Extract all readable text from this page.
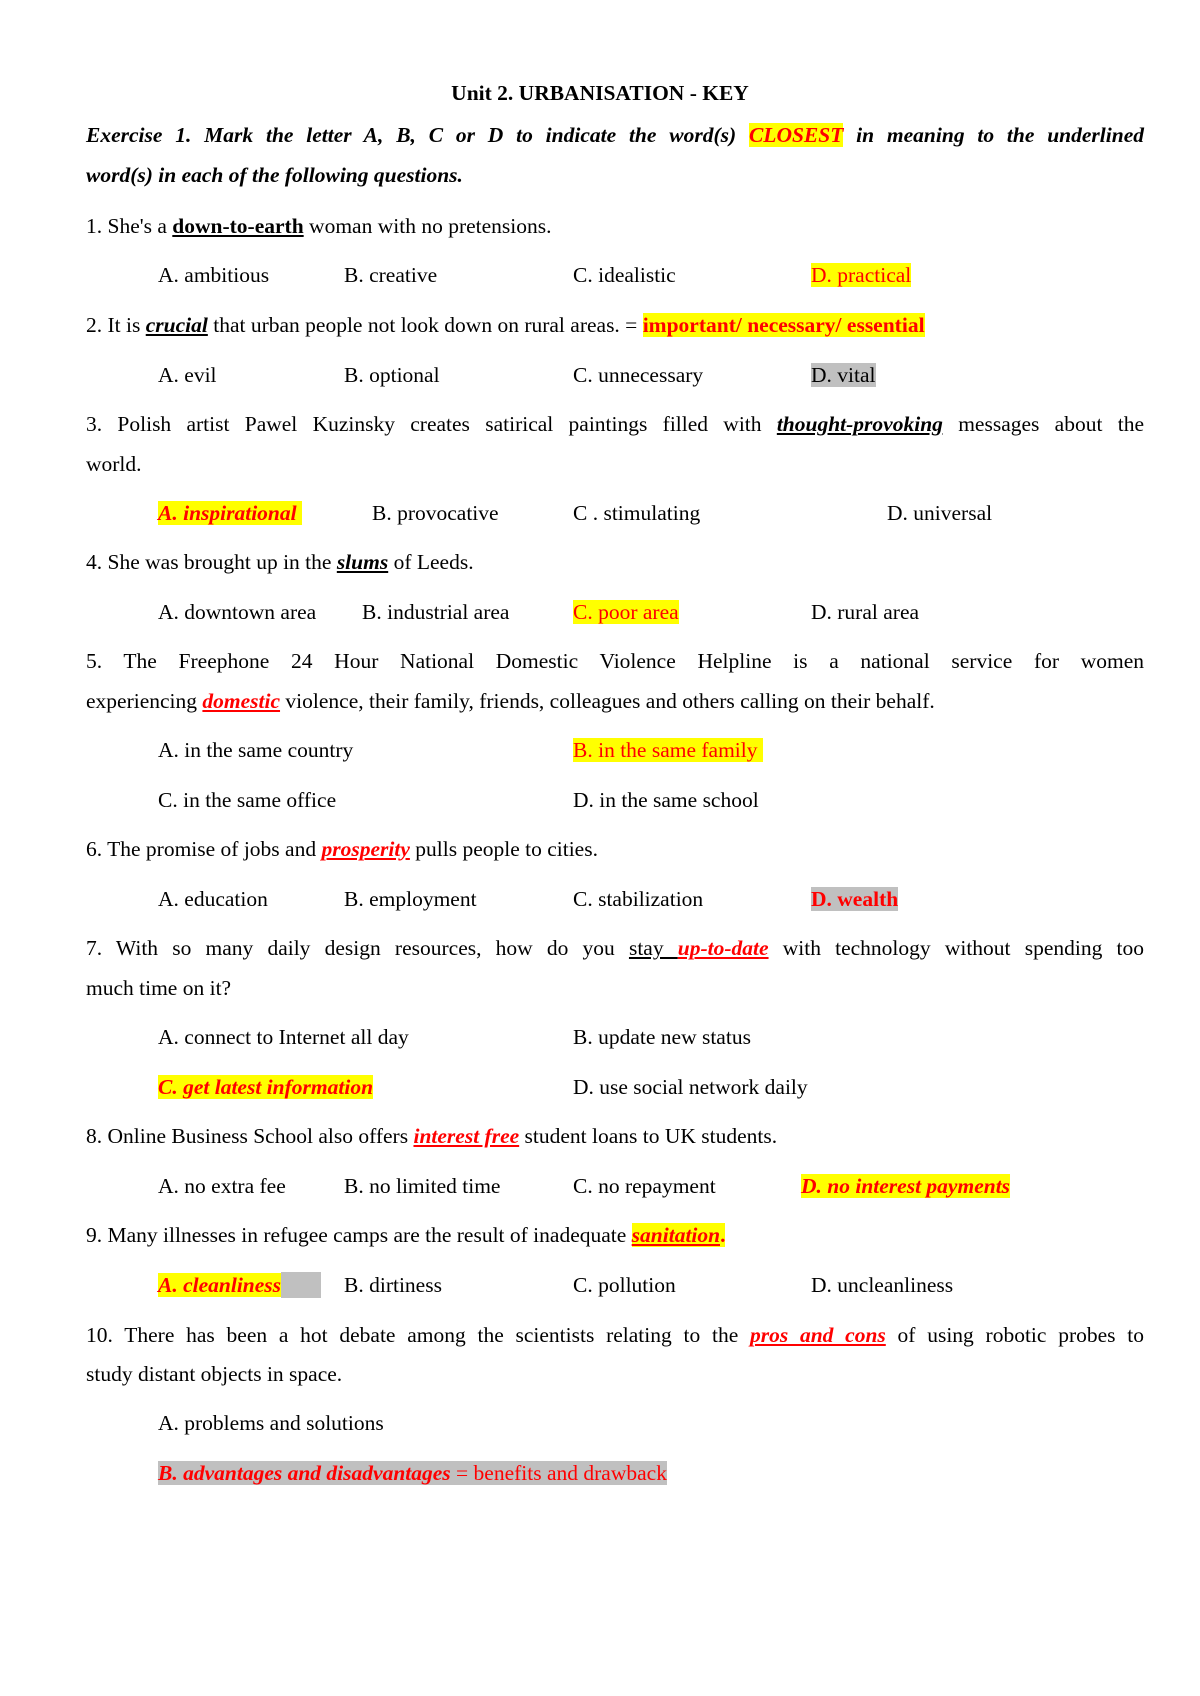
Unit 2. URBANISATION - KEY
Exercise 1. Mark the letter A, B, C or D to indicate the word(s) CLOSEST in meaning to the underlined
word(s) in each of the following questions.
1. She's a down-to-earth woman with no pretensions.
A. ambitious	B. creative	C. idealistic	D. practical
2. It is crucial that urban people not look down on rural areas. = important/ necessary/ essential
A. evil	B. optional	C. unnecessary	D. vital
3. Polish artist Pawel Kuzinsky creates satirical paintings filled with thought-provoking messages about the
world.
A. inspirational	B. provocative	C . stimulating	D. universal
4. She was brought up in the slums of Leeds.
A. downtown area B. industrial area	C. poor area	D. rural area
5. The Freephone 24 Hour National Domestic Violence Helpline is a national service for women
experiencing domestic violence, their family, friends, colleagues and others calling on their behalf.
A. in the same country	B. in the same family
C. in the same office	D. in the same school
6. The promise of jobs and prosperity pulls people to cities.
A. education	B. employment	C. stabilization	D. wealth
7. With so many daily design resources, how do you stay up-to-date with technology without spending too
much time on it?
A. connect to Internet all day	B. update new status
C. get latest information	D. use social network daily
8. Online Business School also offers interest free student loans to UK students.
A. no extra fee	B. no limited time	C. no repayment	D. no interest payments
9. Many illnesses in refugee camps are the result of inadequate sanitation.
A. cleanliness	B. dirtiness	C. pollution	D. uncleanliness
10. There has been a hot debate among the scientists relating to the pros and cons of using robotic probes to
study distant objects in space.
A. problems and solutions
B. advantages and disadvantages = benefits and drawback
